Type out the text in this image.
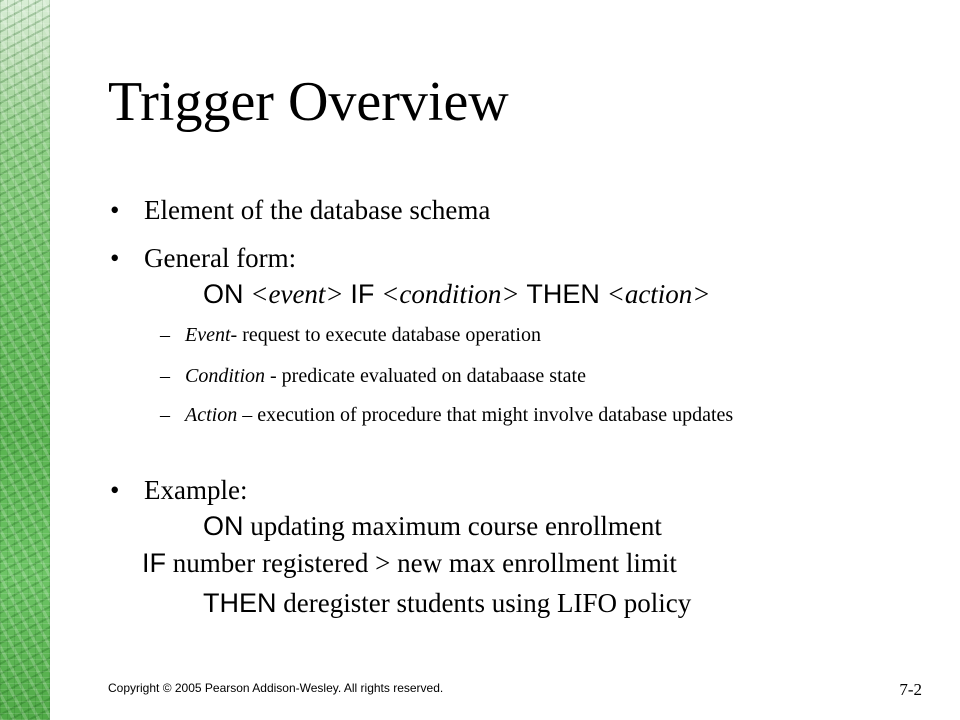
Trigger Overview
• Element of the database schema
• General form:
ON <event> IF <condition> THEN <action>
– Event- request to execute database operation
– Condition - predicate evaluated on databaase state
– Action – execution of procedure that might involve database updates
• Example:
ON updating maximum course enrollment
IF number registered > new max enrollment limit
THEN deregister students using LIFO policy
Copyright © 2005 Pearson Addison-Wesley. All rights reserved.	7-2
